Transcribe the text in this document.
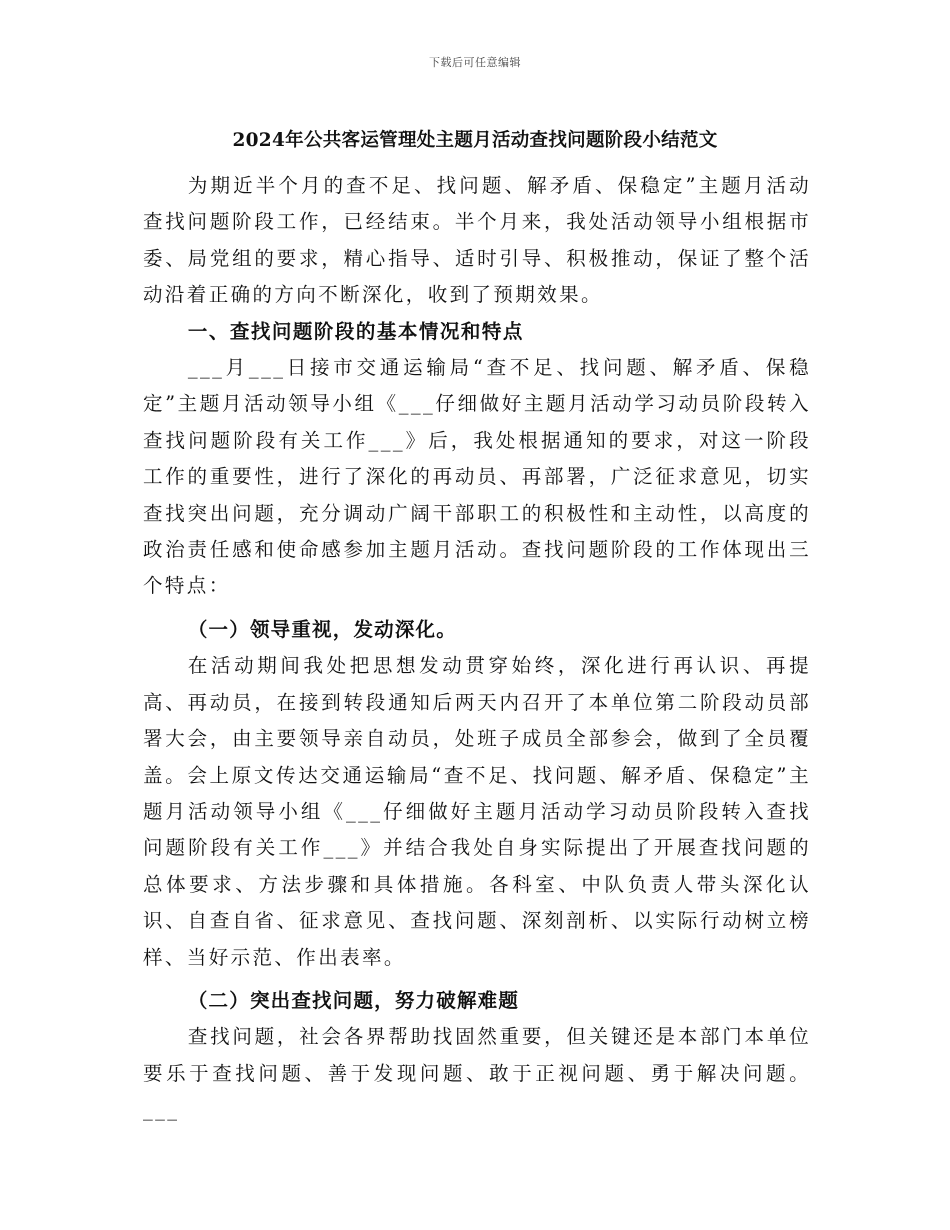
下载后可任意编辑
2024年公共客运管理处主题月活动查找问题阶段小结范文

为期近半个月的查不足、找问题、解矛盾、保稳定”主题月活动查找问题阶段工作，已经结束。半个月来，我处活动领导小组根据市委、局党组的要求，精心指导、适时引导、积极推动，保证了整个活动沿着正确的方向不断深化，收到了预期效果。

一、查找问题阶段的基本情况和特点

___月___日接市交通运输局“查不足、找问题、解矛盾、保稳定”主题月活动领导小组《___仔细做好主题月活动学习动员阶段转入查找问题阶段有关工作___》后，我处根据通知的要求，对这一阶段工作的重要性，进行了深化的再动员、再部署，广泛征求意见，切实查找突出问题，充分调动广阔干部职工的积极性和主动性，以高度的政治责任感和使命感参加主题月活动。查找问题阶段的工作体现出三个特点：

（一）领导重视，发动深化。

在活动期间我处把思想发动贯穿始终，深化进行再认识、再提高、再动员，在接到转段通知后两天内召开了本单位第二阶段动员部署大会，由主要领导亲自动员，处班子成员全部参会，做到了全员覆盖。会上原文传达交通运输局“查不足、找问题、解矛盾、保稳定”主题月活动领导小组《___仔细做好主题月活动学习动员阶段转入查找问题阶段有关工作___》并结合我处自身实际提出了开展查找问题的总体要求、方法步骤和具体措施。各科室、中队负责人带头深化认识、自查自省、征求意见、查找问题、深刻剖析、以实际行动树立榜样、当好示范、作出表率。

（二）突出查找问题，努力破解难题

查找问题，社会各界帮助找固然重要，但关键还是本部门本单位要乐于查找问题、善于发现问题、敢于正视问题、勇于解决问题。___
